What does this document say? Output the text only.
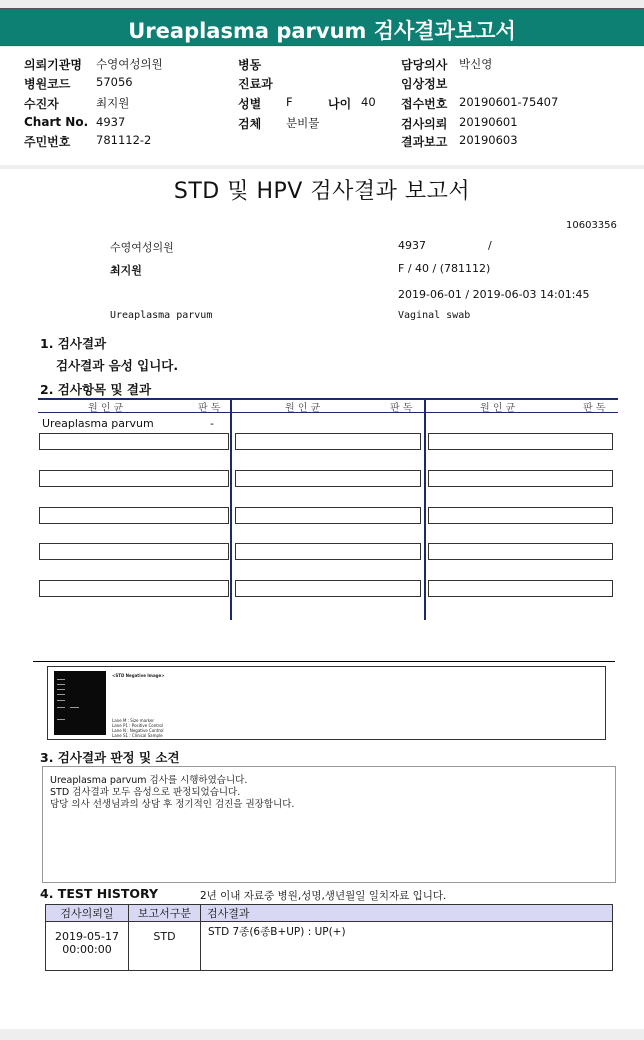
Ureaplasma parvum 검사결과보고서
의뢰기관명 수영여성의원
병원코드 57056
수진자	최지원
Chart No. 4937
주민번호 781112-2
병동
진료과
성별 F	나이 40
검체 분비물
담당의사 박신영
임상정보
접수번호 20190601-75407
검사의뢰 20190601
결과보고 20190603
STD 및 HPV 검사결과 보고서
10603356
수영여성의원	4937	/
최지원	F / 40 / (781112)
2019-06-01 / 2019-06-03 14:01:45
Ureaplasma parvum	Vaginal swab
1. 검사결과
검사결과 음성 입니다.
2. 검사항목 및 결과
원 인 균	판 독	원 인 균	판 독	원 인 균	판 독
Ureaplasma parvum	-
<STD Negative Image>
Lane M : Size marker
Lane P1 : Positive Control
Lane N : Negative Control
Lane S1 : Clinical Sample
3. 검사결과 판정 및 소견
Ureaplasma parvum 검사를 시행하였습니다.
STD 검사결과 모두 음성으로 판정되었습니다.
담당 의사 선생님과의 상담 후 정기적인 검진을 권장합니다.
4. TEST HISTORY	2년 이내 자료중 병원,성명,생년월일 일치자료 입니다.
검사의뢰일	보고서구분	검사결과

2019-05-17
00:00:00	STD	STD 7종(6종B+UP) : UP(+)
